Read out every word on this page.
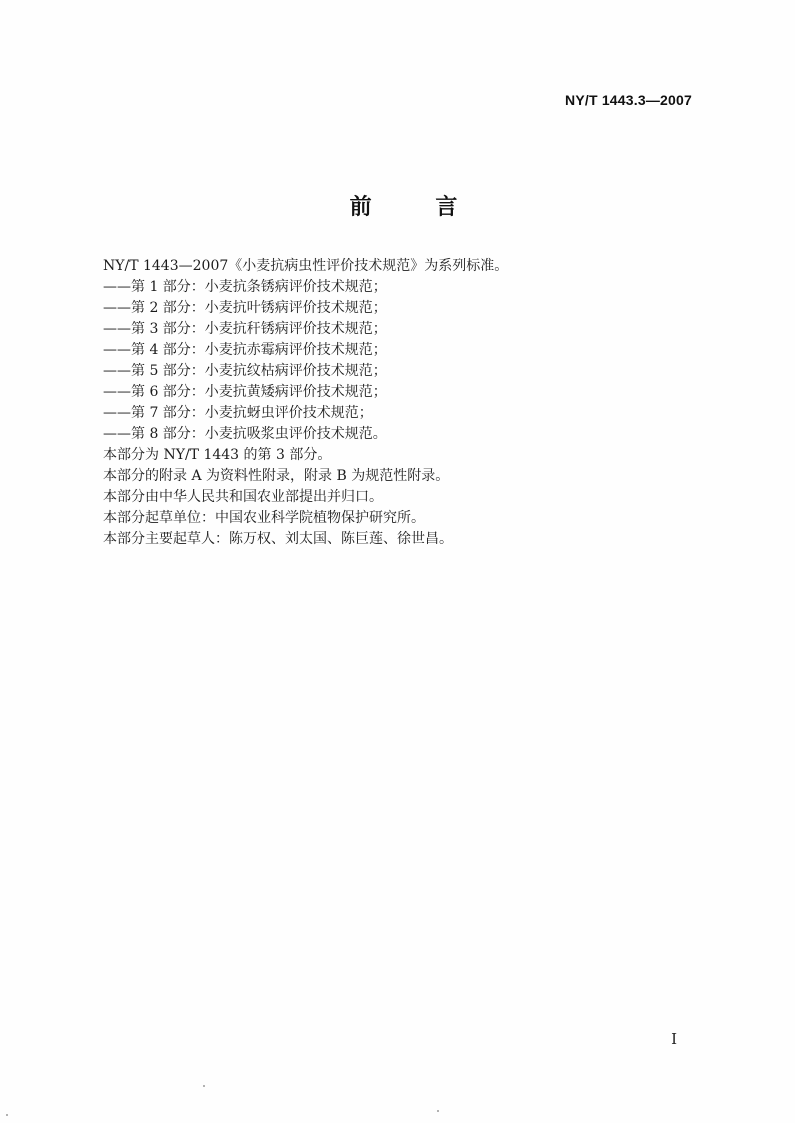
NY/T 1443.3—2007
前 言

NY/T 1443—2007《小麦抗病虫性评价技术规范》为系列标准。

——第 1 部分：小麦抗条锈病评价技术规范；

——第 2 部分：小麦抗叶锈病评价技术规范；

——第 3 部分：小麦抗秆锈病评价技术规范；

——第 4 部分：小麦抗赤霉病评价技术规范；

——第 5 部分：小麦抗纹枯病评价技术规范；

——第 6 部分：小麦抗黄矮病评价技术规范；

——第 7 部分：小麦抗蚜虫评价技术规范；

——第 8 部分：小麦抗吸浆虫评价技术规范。

本部分为 NY/T 1443 的第 3 部分。

本部分的附录 A 为资料性附录，附录 B 为规范性附录。

本部分由中华人民共和国农业部提出并归口。

本部分起草单位：中国农业科学院植物保护研究所。

本部分主要起草人：陈万权、刘太国、陈巨莲、徐世昌。

I
